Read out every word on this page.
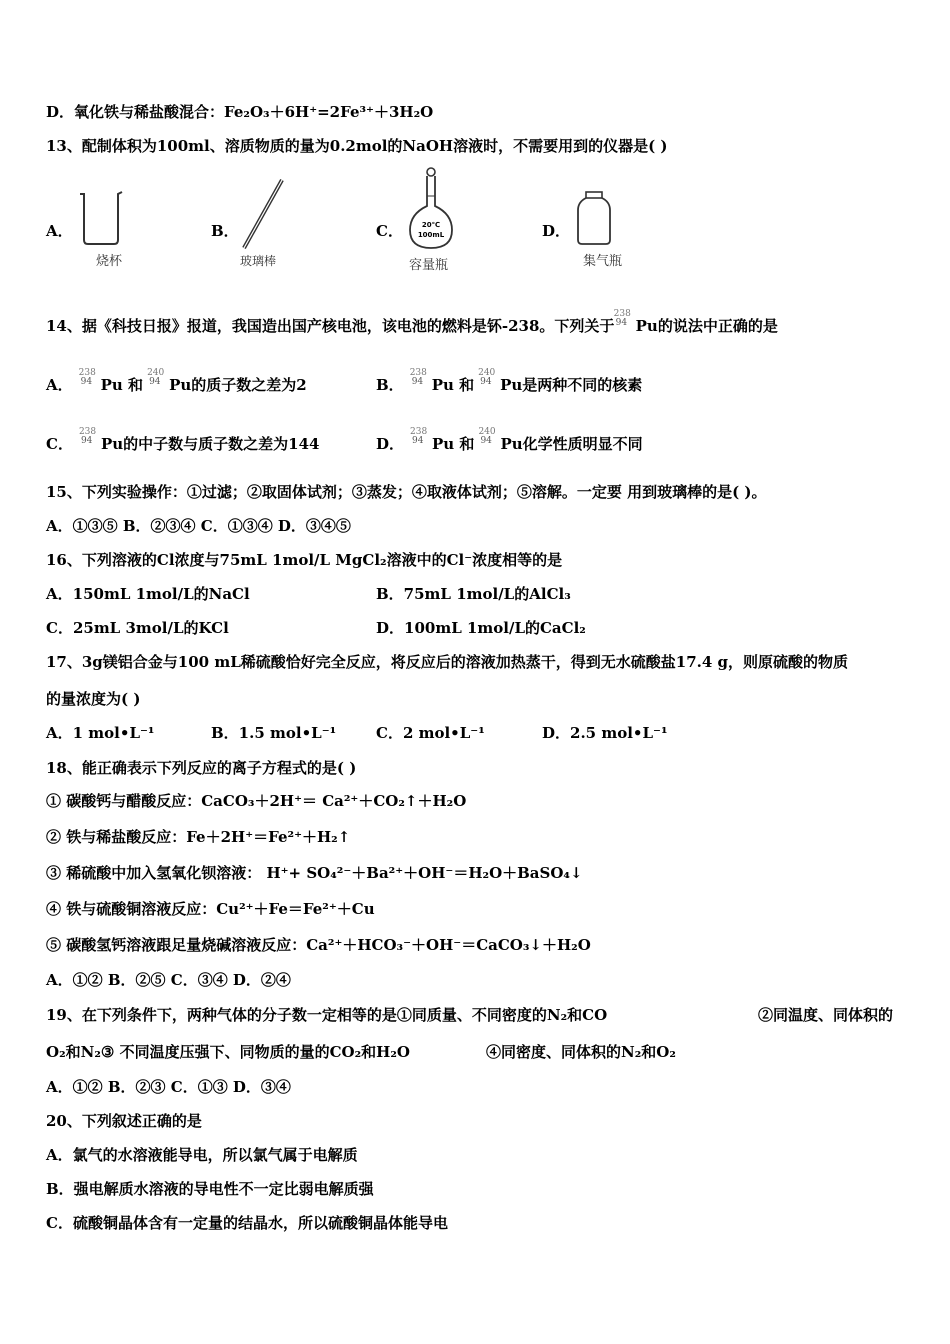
D．氧化铁与稀盐酸混合：Fe₂O₃＋6H⁺=2Fe³⁺＋3H₂O
13、配制体积为100ml、溶质物质的量为0.2mol的NaOH溶液时，不需要用到的仪器是( )
A．
烧杯
B．
玻璃棒
C．	20℃
100mL
容量瓶
D．
集气瓶
14、据《科技日报》报道，我国造出国产核电池，该电池的燃料是钚-238。下列关于
238
94 Pu的说法中正确的是
A．
238
94 Pu 和
240
94 Pu的质子数之差为2	B．
238
94 Pu 和
240
94 Pu是两种不同的核素
C．
238
94 Pu的中子数与质子数之差为144	D．
238
94 Pu 和
240
94 Pu化学性质明显不同
15、下列实验操作：①过滤；②取固体试剂；③蒸发；④取液体试剂；⑤溶解。一定要 用到玻璃棒的是( )。
A．①③⑤ B．②③④ C．①③④ D．③④⑤
16、下列溶液的Cl浓度与75mL 1mol/L MgCl₂溶液中的Cl⁻浓度相等的是
A．150mL 1mol/L的NaCl	B．75mL 1mol/L的AlCl₃
C．25mL 3mol/L的KCl	D．100mL 1mol/L的CaCl₂
17、3g镁铝合金与100 mL稀硫酸恰好完全反应，将反应后的溶液加热蒸干，得到无水硫酸盐17.4 g，则原硫酸的物质
的量浓度为( )
A．1 mol•L⁻¹	B．1.5 mol•L⁻¹	C．2 mol•L⁻¹	D．2.5 mol•L⁻¹
18、能正确表示下列反应的离子方程式的是( )
① 碳酸钙与醋酸反应：CaCO₃＋2H⁺＝ Ca²⁺＋CO₂↑＋H₂O
② 铁与稀盐酸反应：Fe＋2H⁺＝Fe²⁺＋H₂↑
③ 稀硫酸中加入氢氧化钡溶液： H⁺+ SO₄²⁻＋Ba²⁺＋OH⁻＝H₂O＋BaSO₄↓
④ 铁与硫酸铜溶液反应：Cu²⁺＋Fe＝Fe²⁺＋Cu
⑤ 碳酸氢钙溶液跟足量烧碱溶液反应：Ca²⁺＋HCO₃⁻＋OH⁻＝CaCO₃↓＋H₂O
A．①② B．②⑤ C．③④ D．②④
19、在下列条件下，两种气体的分子数一定相等的是①同质量、不同密度的N₂和CO	②同温度、同体积的
O₂和N₂③ 不同温度压强下、同物质的量的CO₂和H₂O	④同密度、同体积的N₂和O₂
A．①② B．②③ C．①③ D．③④
20、下列叙述正确的是
A．氯气的水溶液能导电，所以氯气属于电解质
B．强电解质水溶液的导电性不一定比弱电解质强
C．硫酸铜晶体含有一定量的结晶水，所以硫酸铜晶体能导电
